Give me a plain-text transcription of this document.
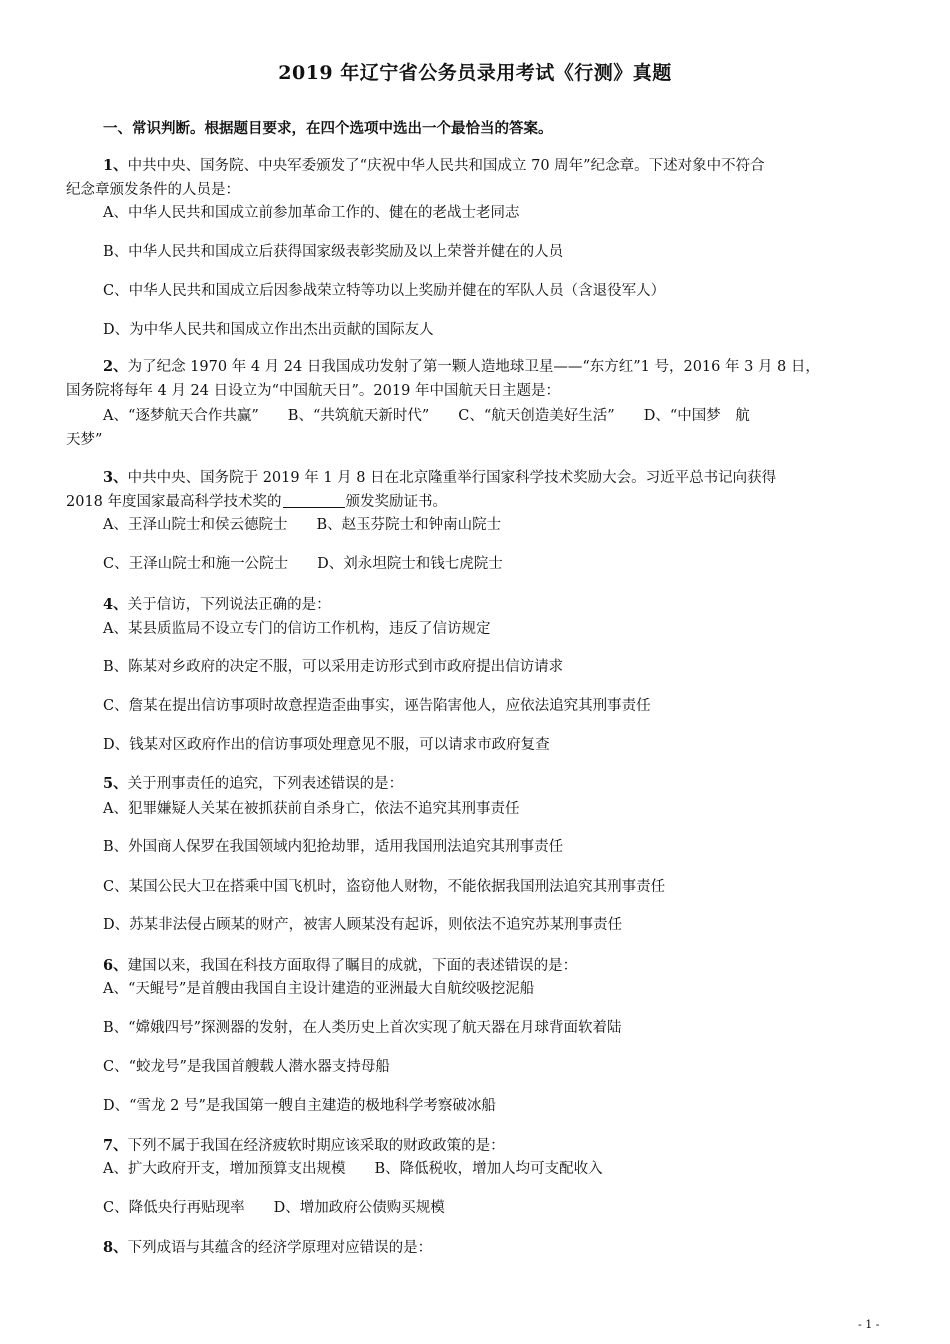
2019 年辽宁省公务员录用考试《行测》真题
一、常识判断。根据题目要求，在四个选项中选出一个最恰当的答案。
1、中共中央、国务院、中央军委颁发了“庆祝中华人民共和国成立 70 周年”纪念章。下述对象中不符合
纪念章颁发条件的人员是：
A、中华人民共和国成立前参加革命工作的、健在的老战士老同志
B、中华人民共和国成立后获得国家级表彰奖励及以上荣誉并健在的人员
C、中华人民共和国成立后因参战荣立特等功以上奖励并健在的军队人员（含退役军人）
D、为中华人民共和国成立作出杰出贡献的国际友人
2、为了纪念 1970 年 4 月 24 日我国成功发射了第一颗人造地球卫星——“东方红”1 号，2016 年 3 月 8 日，
国务院将每年 4 月 24 日设立为“中国航天日”。2019 年中国航天日主题是：
A、“逐梦航天合作共赢”　　B、“共筑航天新时代”　　C、“航天创造美好生活”　　D、“中国梦　航
天梦”
3、中共中央、国务院于 2019 年 1 月 8 日在北京隆重举行国家科学技术奖励大会。习近平总书记向获得
2018 年度国家最高科学技术奖的	颁发奖励证书。
A、王泽山院士和侯云德院士　　B、赵玉芬院士和钟南山院士
C、王泽山院士和施一公院士　　D、刘永坦院士和钱七虎院士
4、关于信访，下列说法正确的是：
A、某县质监局不设立专门的信访工作机构，违反了信访规定
B、陈某对乡政府的决定不服，可以采用走访形式到市政府提出信访请求
C、詹某在提出信访事项时故意捏造歪曲事实，诬告陷害他人，应依法追究其刑事责任
D、钱某对区政府作出的信访事项处理意见不服，可以请求市政府复查
5、关于刑事责任的追究，下列表述错误的是：
A、犯罪嫌疑人关某在被抓获前自杀身亡，依法不追究其刑事责任
B、外国商人保罗在我国领域内犯抢劫罪，适用我国刑法追究其刑事责任
C、某国公民大卫在搭乘中国飞机时，盗窃他人财物，不能依据我国刑法追究其刑事责任
D、苏某非法侵占顾某的财产，被害人顾某没有起诉，则依法不追究苏某刑事责任
6、建国以来，我国在科技方面取得了瞩目的成就，下面的表述错误的是：
A、“天鲲号”是首艘由我国自主设计建造的亚洲最大自航绞吸挖泥船
B、“嫦娥四号”探测器的发射，在人类历史上首次实现了航天器在月球背面软着陆
C、“蛟龙号”是我国首艘载人潜水器支持母船
D、“雪龙 2 号”是我国第一艘自主建造的极地科学考察破冰船
7、下列不属于我国在经济疲软时期应该采取的财政政策的是：
A、扩大政府开支，增加预算支出规模　　B、降低税收，增加人均可支配收入
C、降低央行再贴现率　　D、增加政府公债购买规模
8、下列成语与其蕴含的经济学原理对应错误的是：
- 1 -
